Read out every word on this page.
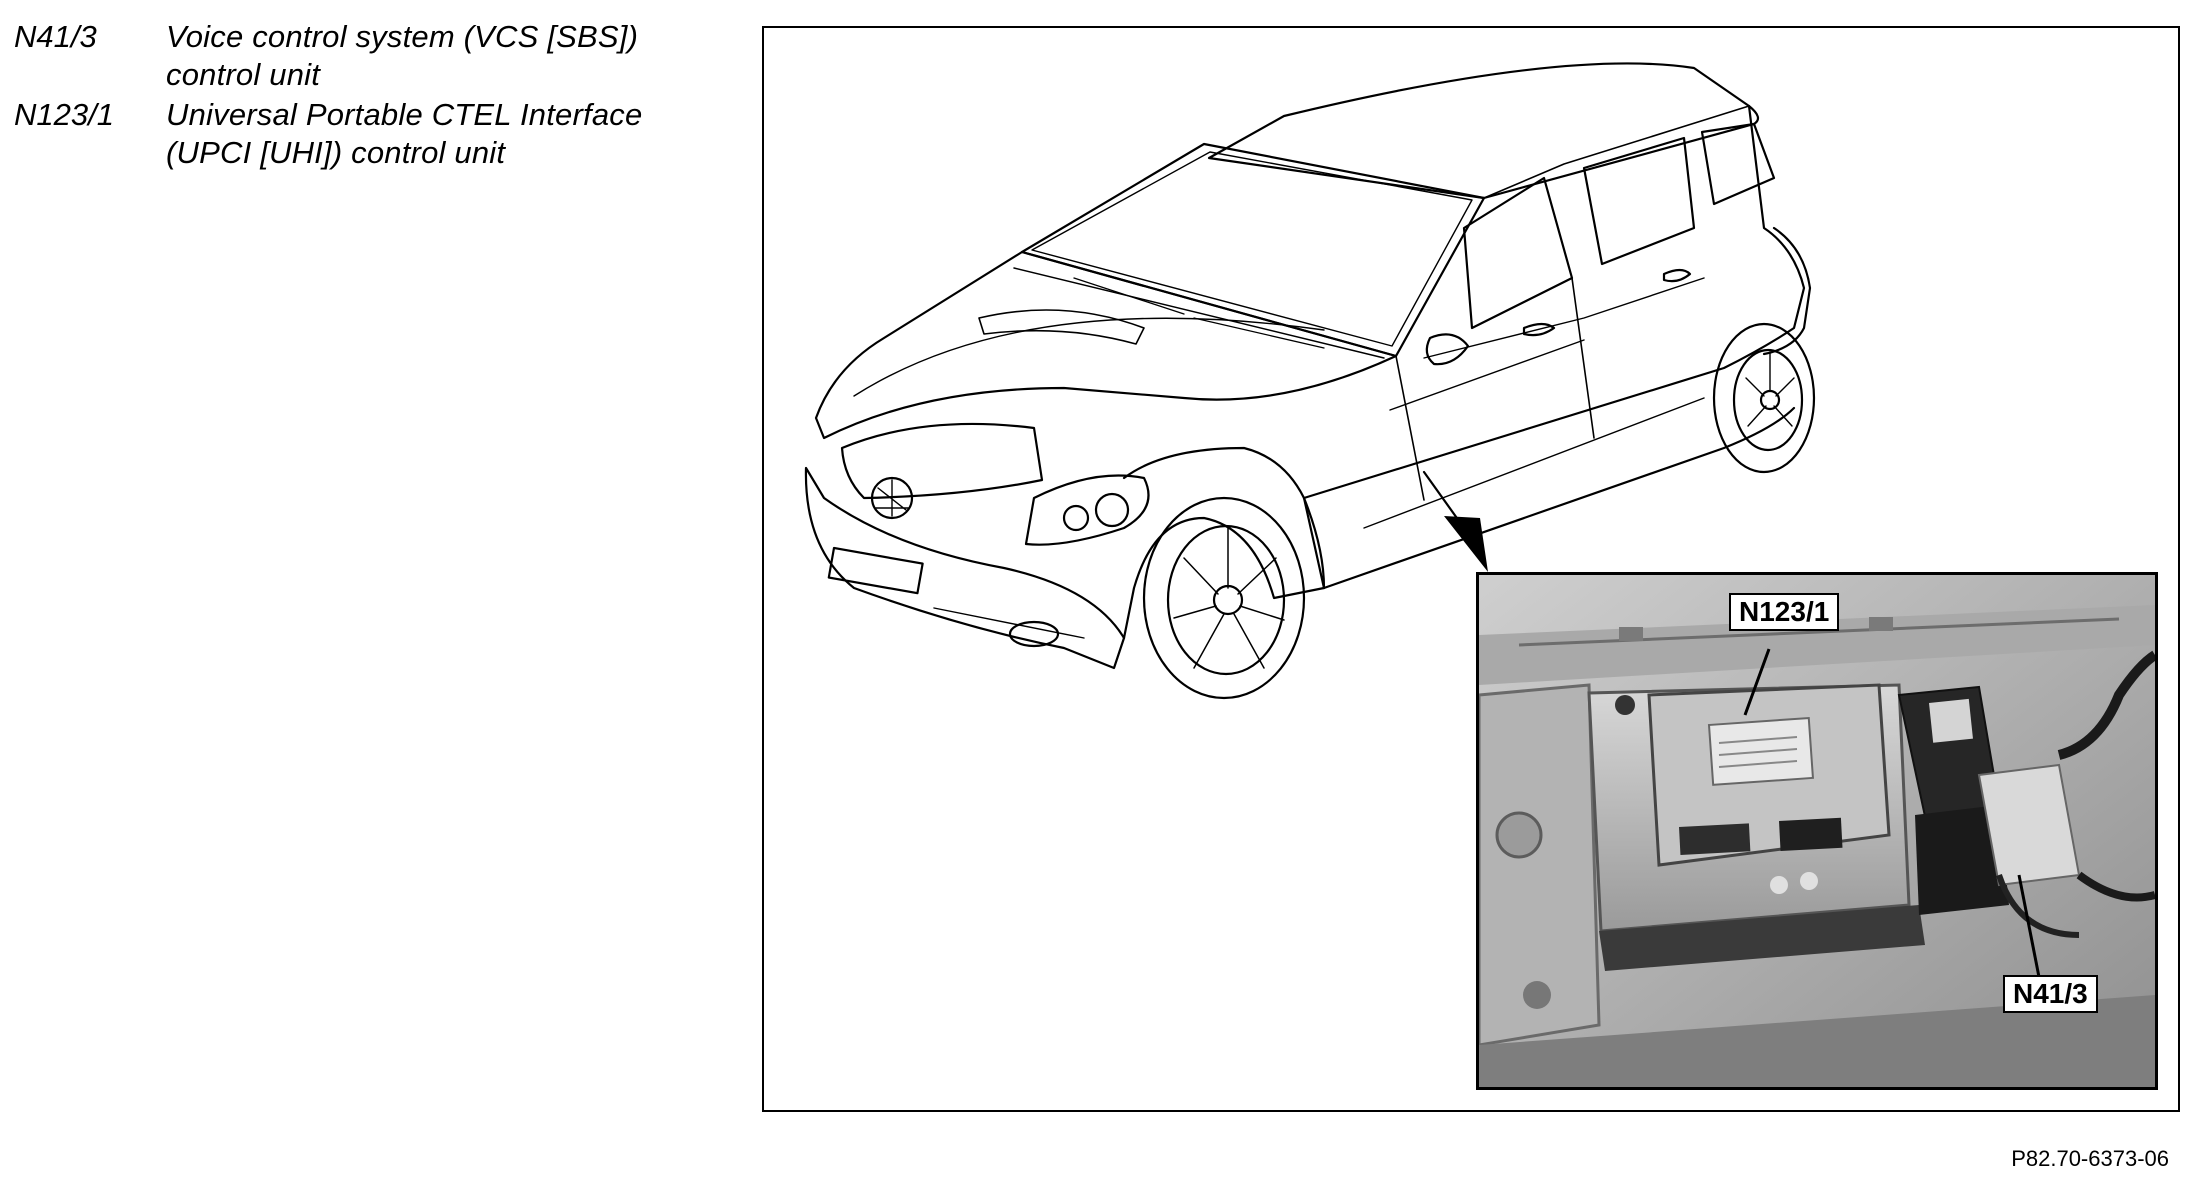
N41/3	Voice control system (VCS [SBS])
control unit
N123/1	Universal Portable CTEL Interface
(UPCI [UHI]) control unit
N123/1
N41/3
P82.70-6373-06
